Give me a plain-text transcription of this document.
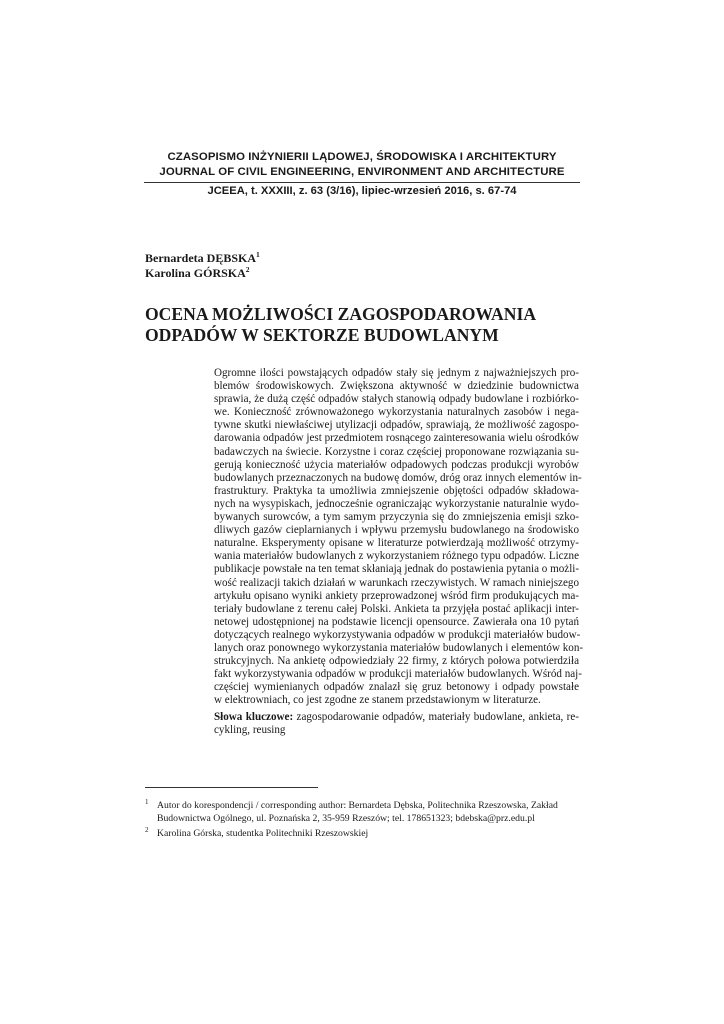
CZASOPISMO INŻYNIERII LĄDOWEJ, ŚRODOWISKA I ARCHITEKTURY
JOURNAL OF CIVIL ENGINEERING, ENVIRONMENT AND ARCHITECTURE
JCEEA, t. XXXIII, z. 63 (3/16), lipiec-wrzesień 2016, s. 67-74
Bernardeta DĘBSKA$^1$
Karolina GÓRSKA$^2$
OCENA MOŻLIWOŚCI ZAGOSPODAROWANIA
ODPADÓW W SEKTORZE BUDOWLANYM
Ogromne ilości powstających odpadów stały się jednym z najważniejszych pro-
blemów środowiskowych. Zwiększona aktywność w dziedzinie budownictwa
sprawia, że dużą część odpadów stałych stanowią odpady budowlane i rozbiórko-
we. Konieczność zrównoważonego wykorzystania naturalnych zasobów i nega-
tywne skutki niewłaściwej utylizacji odpadów, sprawiają, że możliwość zagospo-
darowania odpadów jest przedmiotem rosnącego zainteresowania wielu ośrodków
badawczych na świecie. Korzystne i coraz częściej proponowane rozwiązania su-
gerują konieczność użycia materiałów odpadowych podczas produkcji wyrobów
budowlanych przeznaczonych na budowę domów, dróg oraz innych elementów in-
frastruktury. Praktyka ta umożliwia zmniejszenie objętości odpadów składowa-
nych na wysypiskach, jednocześnie ograniczając wykorzystanie naturalnie wydo-
bywanych surowców, a tym samym przyczynia się do zmniejszenia emisji szko-
dliwych gazów cieplarnianych i wpływu przemysłu budowlanego na środowisko
naturalne. Eksperymenty opisane w literaturze potwierdzają możliwość otrzymy-
wania materiałów budowlanych z wykorzystaniem różnego typu odpadów. Liczne
publikacje powstałe na ten temat skłaniają jednak do postawienia pytania o możli-
wość realizacji takich działań w warunkach rzeczywistych. W ramach niniejszego
artykułu opisano wyniki ankiety przeprowadzonej wśród firm produkujących ma-
teriały budowlane z terenu całej Polski. Ankieta ta przyjęła postać aplikacji inter-
netowej udostępnionej na podstawie licencji opensource. Zawierała ona 10 pytań
dotyczących realnego wykorzystywania odpadów w produkcji materiałów budow-
lanych oraz ponownego wykorzystania materiałów budowlanych i elementów kon-
strukcyjnych. Na ankietę odpowiedziały 22 firmy, z których połowa potwierdziła
fakt wykorzystywania odpadów w produkcji materiałów budowlanych. Wśród naj-
częściej wymienianych odpadów znalazł się gruz betonowy i odpady powstałe
w elektrowniach, co jest zgodne ze stanem przedstawionym w literaturze.
Słowa kluczowe: zagospodarowanie odpadów, materiały budowlane, ankieta, re-
cykling, reusing
1 Autor do korespondencji / corresponding author: Bernardeta Dębska, Politechnika Rzeszowska, Zakład
Budownictwa Ogólnego, ul. Poznańska 2, 35-959 Rzeszów; tel. 178651323; bdebska@prz.edu.pl
2 Karolina Górska, studentka Politechniki Rzeszowskiej
